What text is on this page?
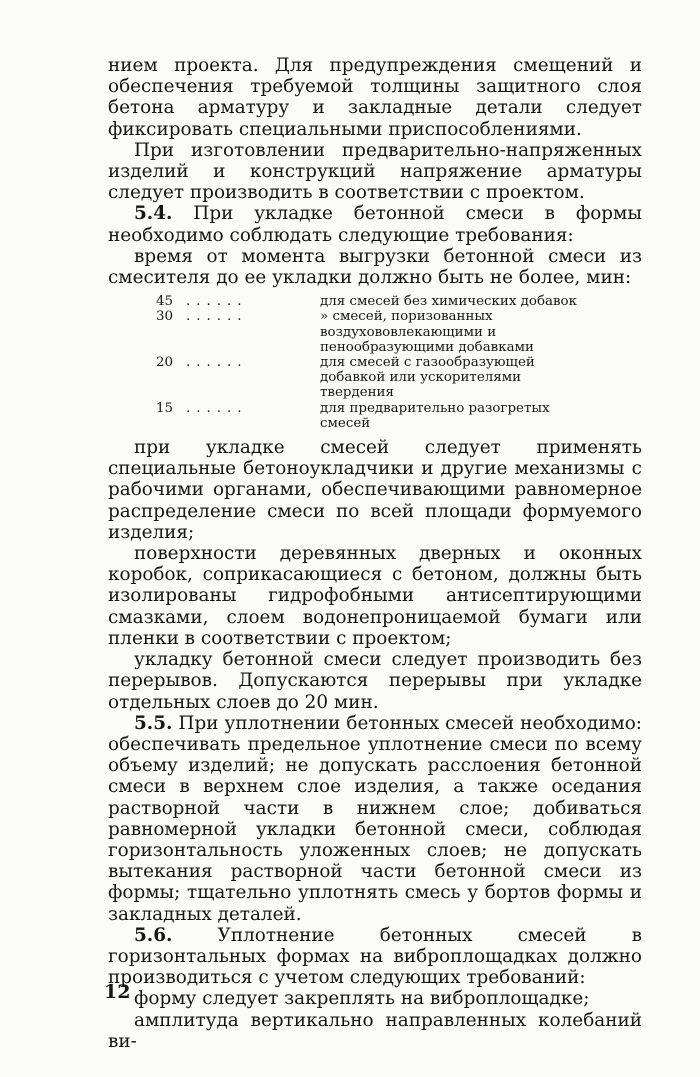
нием проекта. Для предупреждения смещений и обеспечения требуемой толщины защитного слоя бетона арматуру и закладные детали следует фиксировать специальными приспособлениями.

При изготовлении предварительно-напряженных изделий и конструкций напряжение арматуры следует производить в соответствии с проектом.

5.4. При укладке бетонной смеси в формы необходимо соблюдать следующие требования:

время от момента выгрузки бетонной смеси из смесителя до ее укладки должно быть не более, мин:

45 ......	для смесей без химических добавок
30 ......	» смесей, поризованных воздухововлекающими и пенообразующими добавками
20 ......	для смесей с газообразующей добавкой или ускорителями твердения
15 ......	для предварительно разогретых смесей

при укладке смесей следует применять специальные бетоноукладчики и другие механизмы с рабочими органами, обеспечивающими равномерное распределение смеси по всей площади формуемого изделия;

поверхности деревянных дверных и оконных коробок, соприкасающиеся с бетоном, должны быть изолированы гидрофобными антисептирующими смазками, слоем водонепроницаемой бумаги или пленки в соответствии с проектом;

укладку бетонной смеси следует производить без перерывов. Допускаются перерывы при укладке отдельных слоев до 20 мин.

5.5. При уплотнении бетонных смесей необходимо: обеспечивать предельное уплотнение смеси по всему объему изделий; не допускать расслоения бетонной смеси в верхнем слое изделия, а также оседания растворной части в нижнем слое; добиваться равномерной укладки бетонной смеси, соблюдая горизонтальность уложенных слоев; не допускать вытекания растворной части бетонной смеси из формы; тщательно уплотнять смесь у бортов формы и закладных деталей.

5.6. Уплотнение бетонных смесей в горизонтальных формах на виброплощадках должно производиться с учетом следующих требований:

форму следует закреплять на виброплощадке;

амплитуда вертикально направленных колебаний ви-

12
